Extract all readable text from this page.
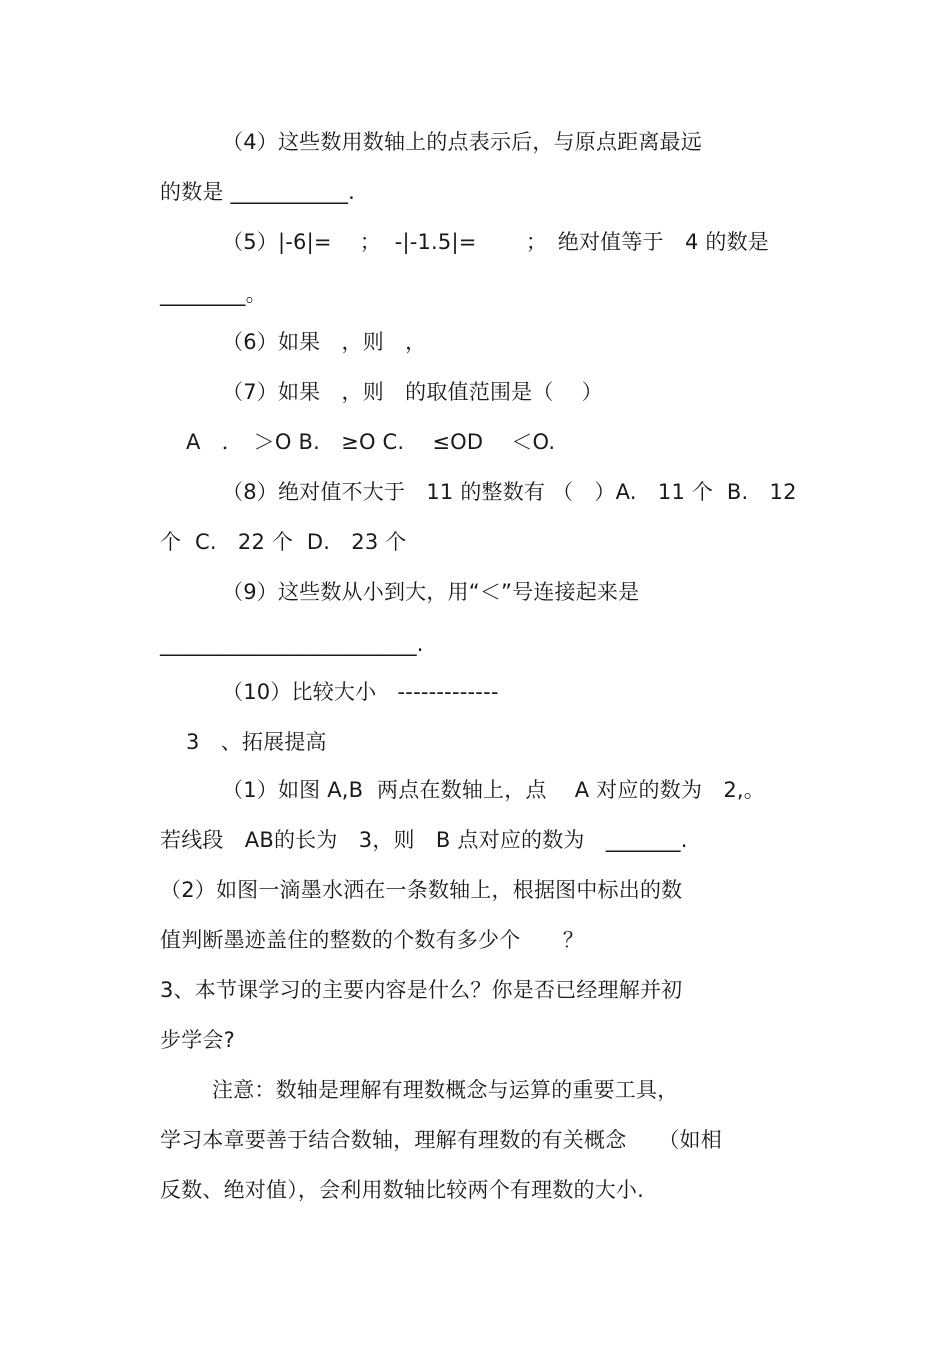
（4）这些数用数轴上的点表示后，与原点距离最远
的数是 ___________.
（5）|-6|=　 ；  -|-1.5|=　　 ；　绝对值等于　4 的数是
________。
（6）如果　，则　，
（7）如果　，则　的取值范围是（　 ）
A　．　＞O B.　≥O C.　 ≤OD　 ＜O.
（8）绝对值不大于　11 的整数有 （　）A.　11 个  B.　12
个  C.　22 个  D.　23 个
（9）这些数从小到大，用“＜”号连接起来是
________________________.
（10）比较大小　-------------
3　、拓展提高
（1）如图 A,B  两点在数轴上，点　 A 对应的数为　2,。
若线段　AB的长为　3，则　B 点对应的数为　_______.
（2）如图一滴墨水洒在一条数轴上，根据图中标出的数
值判断墨迹盖住的整数的个数有多少个　　？
3、本节课学习的主要内容是什么？你是否已经理解并初
步学会?
注意：数轴是理解有理数概念与运算的重要工具，
学习本章要善于结合数轴，理解有理数的有关概念　　（如相
反数、绝对值），会利用数轴比较两个有理数的大小.
